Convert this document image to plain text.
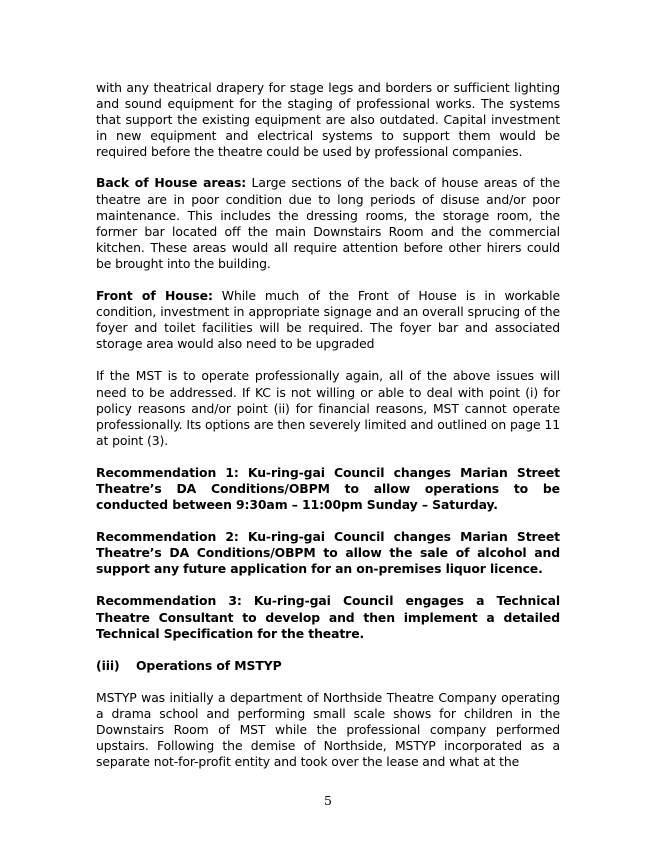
with any theatrical drapery for stage legs and borders or sufficient lighting and sound equipment for the staging of professional works. The systems that support the existing equipment are also outdated. Capital investment in new equipment and electrical systems to support them would be required before the theatre could be used by professional companies.

Back of House areas: Large sections of the back of house areas of the theatre are in poor condition due to long periods of disuse and/or poor maintenance. This includes the dressing rooms, the storage room, the former bar located off the main Downstairs Room and the commercial kitchen. These areas would all require attention before other hirers could be brought into the building.

Front of House: While much of the Front of House is in workable condition, investment in appropriate signage and an overall sprucing of the foyer and toilet facilities will be required. The foyer bar and associated storage area would also need to be upgraded

If the MST is to operate professionally again, all of the above issues will need to be addressed. If KC is not willing or able to deal with point (i) for policy reasons and/or point (ii) for financial reasons, MST cannot operate professionally. Its options are then severely limited and outlined on page 11 at point (3).

Recommendation 1: Ku-ring-gai Council changes Marian Street Theatre’s DA Conditions/OBPM to allow operations to be conducted between 9:30am – 11:00pm Sunday – Saturday.

Recommendation 2: Ku-ring-gai Council changes Marian Street Theatre’s DA Conditions/OBPM to allow the sale of alcohol and support any future application for an on-premises liquor licence.

Recommendation 3: Ku-ring-gai Council engages a Technical Theatre Consultant to develop and then implement a detailed Technical Specification for the theatre.

(iii)	Operations of MSTYP

MSTYP was initially a department of Northside Theatre Company operating a drama school and performing small scale shows for children in the Downstairs Room of MST while the professional company performed upstairs. Following the demise of Northside, MSTYP incorporated as a separate not-for-profit entity and took over the lease and what at the

5
